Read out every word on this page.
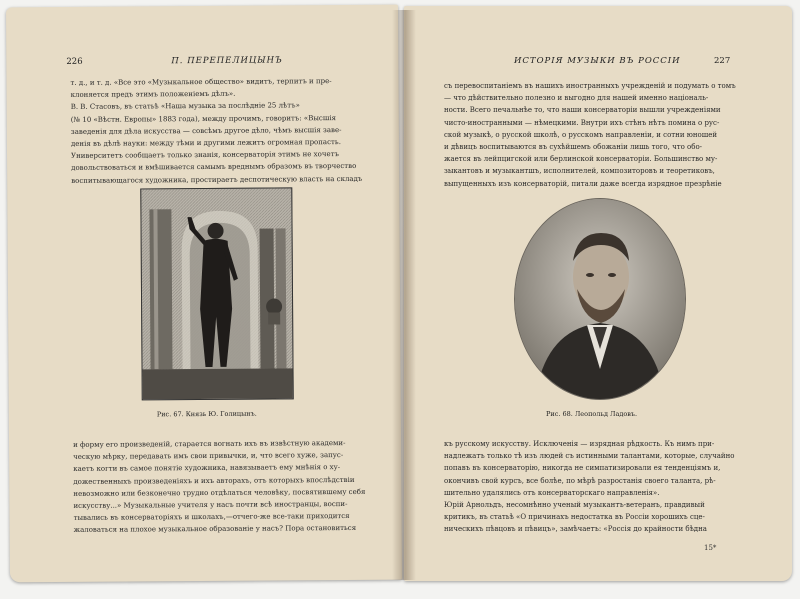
226	П. ПЕРЕПЕЛИЦЫНЪ

т. д., и т. д. «Все это «Музыкальное общество» видитъ, терпитъ и пре-

клоняется предъ этимъ положеніемъ дѣлъ».

В. В. Стасовъ, въ статьѣ «Наша музыка за послѣдніе 25 лѣтъ»

(№ 10 «Вѣстн. Европы» 1883 года), между прочимъ, говоритъ: «Высшія

заведенія для дѣла искусства — совсѣмъ другое дѣло, чѣмъ высшія заве-

денія въ дѣлѣ науки: между тѣми и другими лежитъ огромная пропасть.

Университетъ сообщаетъ только знанія, консерваторія этимъ не хочетъ

довольствоваться и вмѣшивается самымъ вреднымъ образомъ въ творчество

воспитывающагося художника, простираетъ деспотическую власть на складъ

Рис. 67. Князь Ю. Голицынъ.

и форму его произведеній, старается вогнать ихъ въ извѣстную академи-

ческую мѣрку, передавать имъ свои привычки, и, что всего хуже, запус-

каетъ когти въ самое понятіе художника, навязываетъ ему мнѣнія о ху-

дожественныхъ произведеніяхъ и ихъ авторахъ, отъ которыхъ впослѣдствіи

невозможно или безконечно трудно отдѣлаться человѣку, посвятившему себя

искусству...» Музыкальные учителя у насъ почти всѣ иностранцы, воспи-

тывались въ консерваторіяхъ и школахъ,—отчего-же все-таки приходится

жаловаться на плохое музыкальное образованіе у насъ? Пора остановиться

ИСТОРІЯ МУЗЫКИ ВЪ РОССІИ	227

съ перевоспитаніемъ въ нашихъ иностранныхъ учрежденій и подумать о томъ

— что дѣйствительно полезно и выгодно для нашей именно національ-

ности. Всего печальнѣе то, что наши консерваторіи вышли учрежденіями

чисто-иностранными — нѣмецкими. Внутри ихъ стѣнъ нѣтъ помина о рус-

ской музыкѣ, о русской школѣ, о русскомъ направленіи, и сотни юношей

и дѣвицъ воспитываются въ сухѣйшемъ обожаніи лишь того, что обо-

жается въ лейпцигской или берлинской консерваторіи. Большинство му-

зыкантовъ и музыкантшъ, исполнителей, композиторовъ и теоретиковъ,

выпущенныхъ изъ консерваторій, питали даже всегда изрядное презрѣніе

Рис. 68. Леопольд Ладовъ.

къ русскому искусству. Исключенія — изрядная рѣдкость. Къ нимъ при-

надлежатъ только тѣ изъ людей съ истинными талантами, которые, случайно

попавъ въ консерваторію, никогда не симпатизировали ея тенденціямъ и,

окончивъ свой курсъ, все болѣе, по мѣрѣ разростанія своего таланта, рѣ-

шительно удалялись отъ консерваторскаго направленія».

Юрій Арнольдъ, несомнѣнно ученый музыкантъ-ветеранъ, правдивый

критикъ, въ статьѣ «О причинахъ недостатка въ Россіи хорошихъ сце-

ническихъ пѣвцовъ и пѣвицъ», замѣчаетъ: «Россія до крайности бѣдна

15*
